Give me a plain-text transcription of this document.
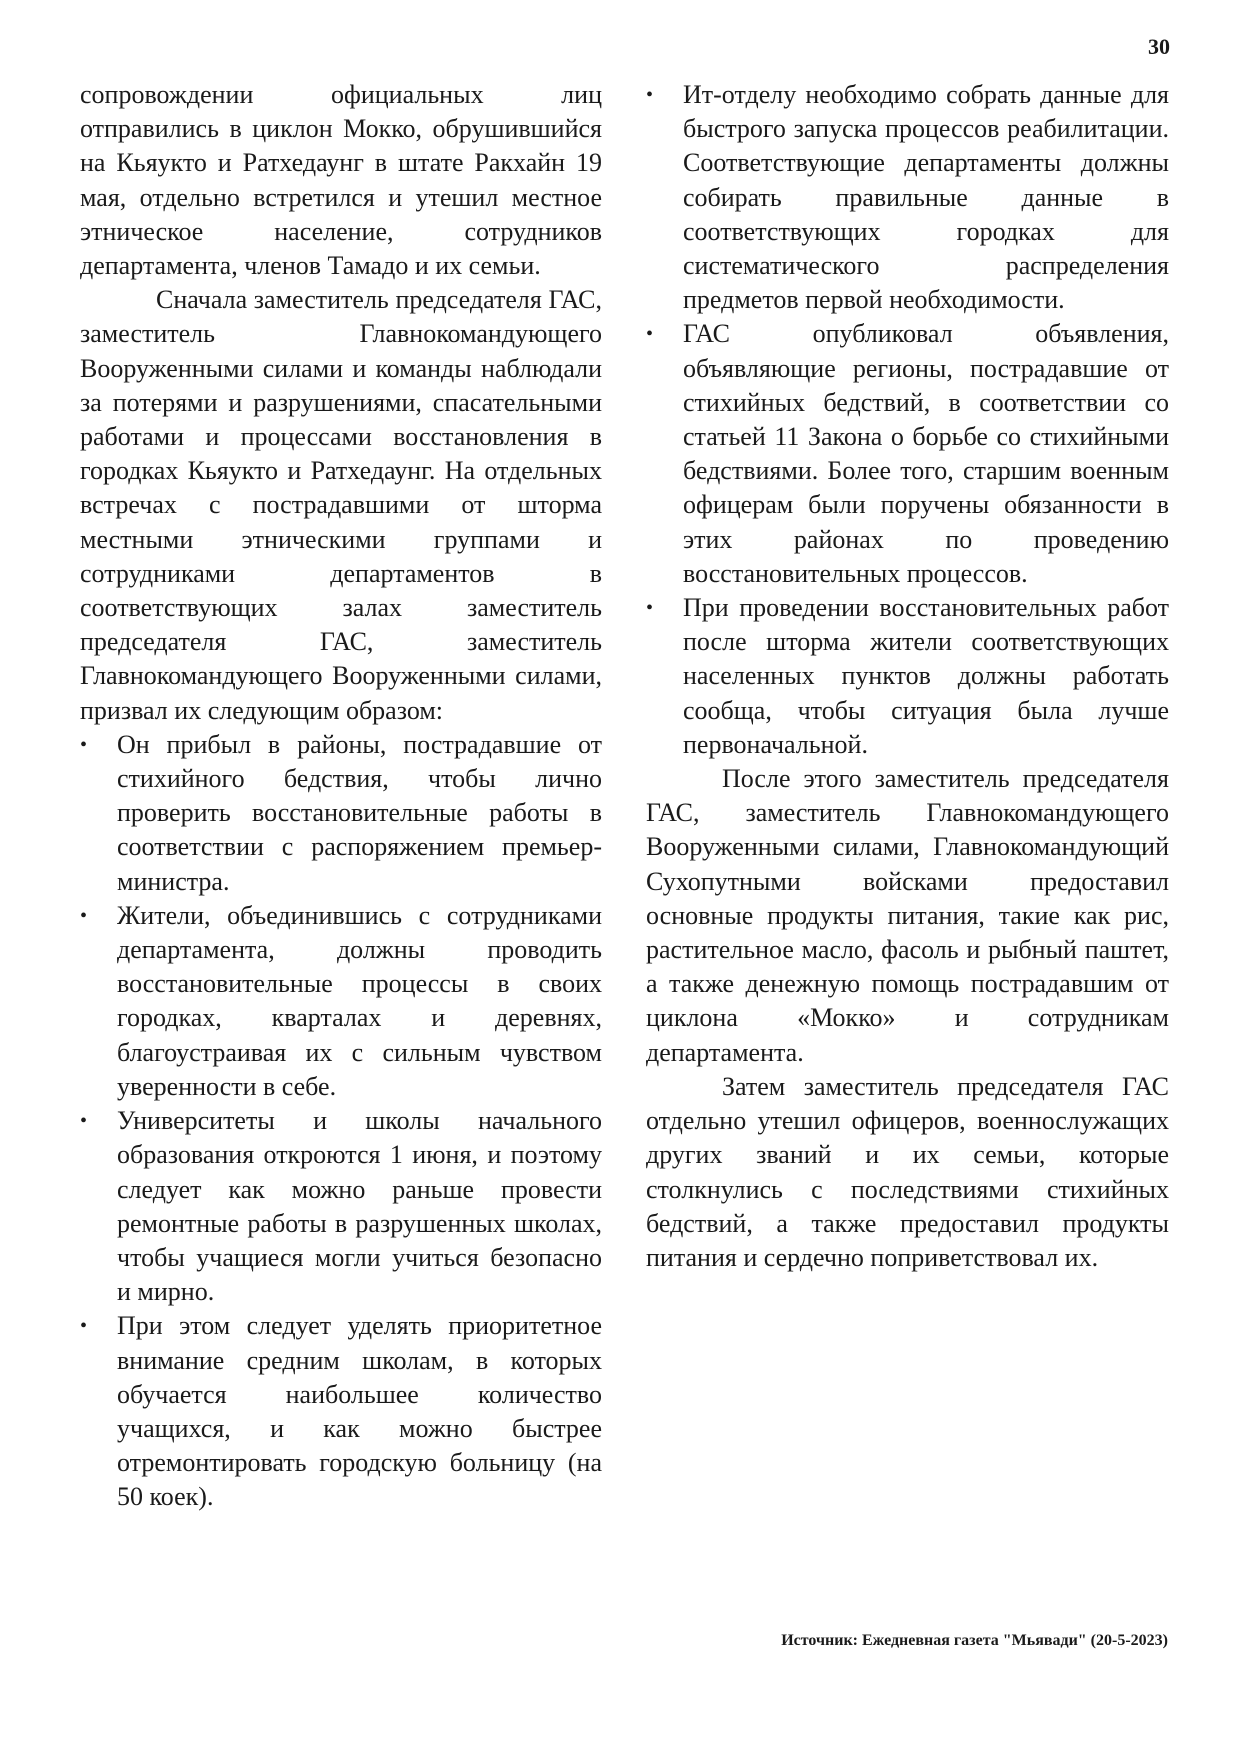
30

сопровождении официальных лиц отправились в циклон Мокко, обрушившийся на Кьяукто и Ратхедаунг в штате Ракхайн 19 мая, отдельно встретился и утешил местное этническое население, сотрудников департамента, членов Тамадо и их семьи.

Сначала заместитель председателя ГАС, заместитель Главнокомандующего Вооруженными силами и команды наблюдали за потерями и разрушениями, спасательными работами и процессами восстановления в городках Кьяукто и Ратхедаунг. На отдельных встречах с пострадавшими от шторма местными этническими группами и сотрудниками департаментов в соответствующих залах заместитель председателя ГАС, заместитель Главнокомандующего Вооруженными силами, призвал их следующим образом:

• Он прибыл в районы, пострадавшие от стихийного бедствия, чтобы лично проверить восстановительные работы в соответствии с распоряжением премьер-министра.
• Жители, объединившись с сотрудниками департамента, должны проводить восстановительные процессы в своих городках, кварталах и деревнях, благоустраивая их с сильным чувством уверенности в себе.
• Университеты и школы начального образования откроются 1 июня, и поэтому следует как можно раньше провести ремонтные работы в разрушенных школах, чтобы учащиеся могли учиться безопасно и мирно.
• При этом следует уделять приоритетное внимание средним школам, в которых обучается наибольшее количество учащихся, и как можно быстрее отремонтировать городскую больницу (на 50 коек).
• Ит-отделу необходимо собрать данные для быстрого запуска процессов реабилитации. Соответствующие департаменты должны собирать правильные данные в соответствующих городках для систематического распределения предметов первой необходимости.
• ГАС опубликовал объявления, объявляющие регионы, пострадавшие от стихийных бедствий, в соответствии со статьей 11 Закона о борьбе со стихийными бедствиями. Более того, старшим военным офицерам были поручены обязанности в этих районах по проведению восстановительных процессов.
• При проведении восстановительных работ после шторма жители соответствующих населенных пунктов должны работать сообща, чтобы ситуация была лучше первоначальной.

После этого заместитель председателя ГАС, заместитель Главнокомандующего Вооруженными силами, Главнокомандующий Сухопутными войсками предоставил основные продукты питания, такие как рис, растительное масло, фасоль и рыбный паштет, а также денежную помощь пострадавшим от циклона «Мокко» и сотрудникам департамента.

Затем заместитель председателя ГАС отдельно утешил офицеров, военнослужащих других званий и их семьи, которые столкнулись с последствиями стихийных бедствий, а также предоставил продукты питания и сердечно поприветствовал их.

Источник: Ежедневная газета "Мьявади" (20-5-2023)
